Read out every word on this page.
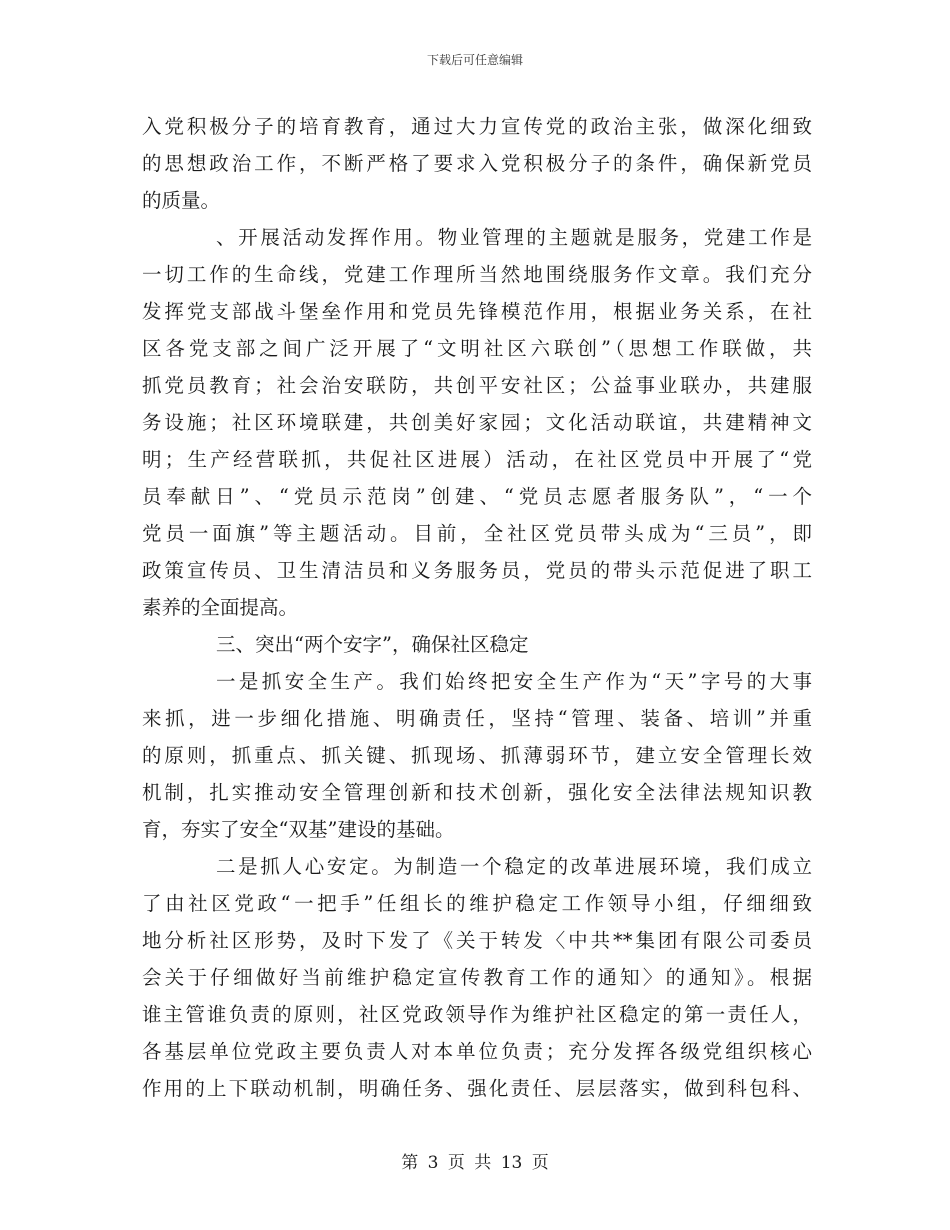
下载后可任意编辑
入党积极分子的培育教育，通过大力宣传党的政治主张，做深化细致
的思想政治工作，不断严格了要求入党积极分子的条件，确保新党员
的质量。
、开展活动发挥作用。物业管理的主题就是服务，党建工作是
一切工作的生命线，党建工作理所当然地围绕服务作文章。我们充分
发挥党支部战斗堡垒作用和党员先锋模范作用，根据业务关系，在社
区各党支部之间广泛开展了“文明社区六联创”（思想工作联做，共
抓党员教育；社会治安联防，共创平安社区；公益事业联办，共建服
务设施；社区环境联建，共创美好家园；文化活动联谊，共建精神文
明；生产经营联抓，共促社区进展）活动，在社区党员中开展了“党
员奉献日”、“党员示范岗”创建、“党员志愿者服务队”，“一个
党员一面旗”等主题活动。目前，全社区党员带头成为“三员”，即
政策宣传员、卫生清洁员和义务服务员，党员的带头示范促进了职工
素养的全面提高。
三、突出“两个安字”，确保社区稳定
一是抓安全生产。我们始终把安全生产作为“天”字号的大事
来抓，进一步细化措施、明确责任，坚持“管理、装备、培训”并重
的原则，抓重点、抓关键、抓现场、抓薄弱环节，建立安全管理长效
机制，扎实推动安全管理创新和技术创新，强化安全法律法规知识教
育，夯实了安全“双基”建设的基础。
二是抓人心安定。为制造一个稳定的改革进展环境，我们成立
了由社区党政“一把手”任组长的维护稳定工作领导小组，仔细细致
地分析社区形势，及时下发了《关于转发〈中共**集团有限公司委员
会关于仔细做好当前维护稳定宣传教育工作的通知〉的通知》。根据
谁主管谁负责的原则，社区党政领导作为维护社区稳定的第一责任人，
各基层单位党政主要负责人对本单位负责；充分发挥各级党组织核心
作用的上下联动机制，明确任务、强化责任、层层落实，做到科包科、
第 3 页 共 13 页
